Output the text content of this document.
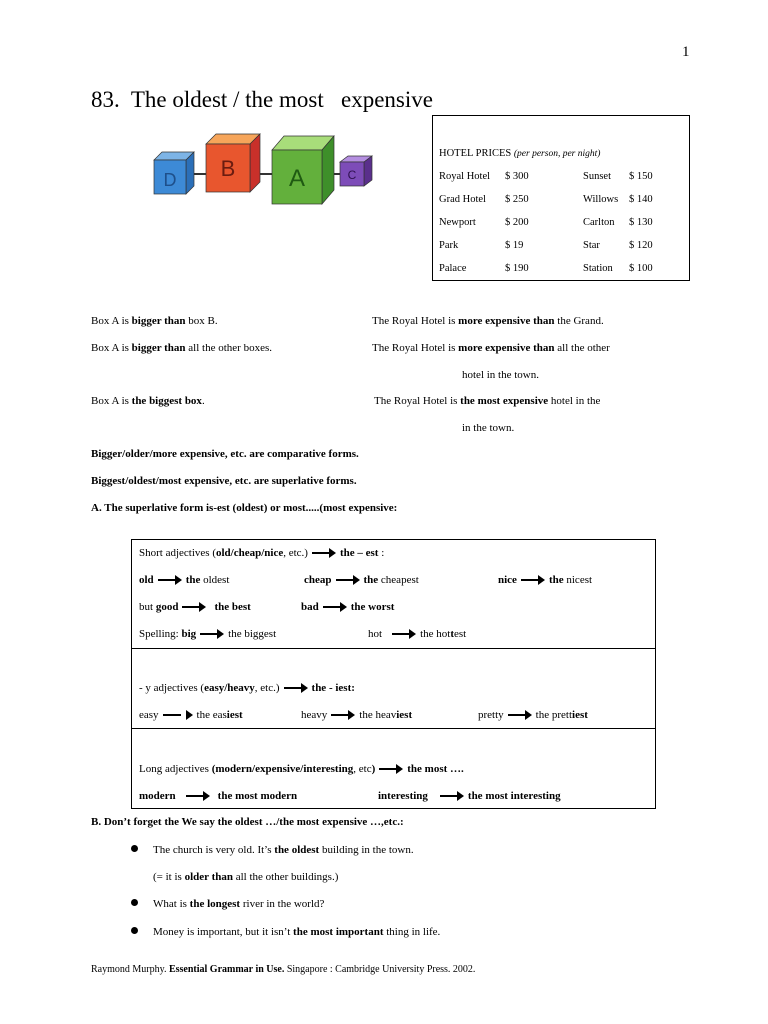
1
83.  The oldest / the most   expensive
D B A	C
HOTEL PRICES (per person, per night)
Royal Hotel $ 300	Sunset $ 150
Grad Hotel $ 250	Willows $ 140
Newport	$ 200	Carlton $ 130
Park	$ 19	Star	$ 120
Palace	$ 190	Station $ 100
Box A is bigger than box B.
Box A is bigger than all the other boxes.
Box A is the biggest box.
The Royal Hotel is more expensive than the Grand.
The Royal Hotel is more expensive than all the other
hotel in the town.
The Royal Hotel is the most expensive hotel in the
in the town.
Bigger/older/more expensive, etc. are comparative forms.
Biggest/oldest/most expensive, etc. are superlative forms.
A. The superlative form is-est (oldest) or most.....(most expensive:
Short adjectives (old/cheap/nice, etc.)	the – est :
old	the oldest	cheap	the cheapest	nice	the nicest
but good	the best	bad	the worst
Spelling: big	the biggest	hot	the hottest
- y adjectives (easy/heavy, etc.)	the - iest:
easy	the easiest	heavy	the heaviest	pretty	the prettiest
Long adjectives (modern/expensive/interesting, etc)	the most ….
modern	the most modern	interesting	the most interesting
B. Don’t forget the We say the oldest …/the most expensive …,etc.:
The church is very old. It’s the oldest building in the town.
(= it is older than all the other buildings.)
What is the longest river in the world?
Money is important, but it isn’t the most important thing in life.
Raymond Murphy. Essential Grammar in Use. Singapore : Cambridge University Press. 2002.
